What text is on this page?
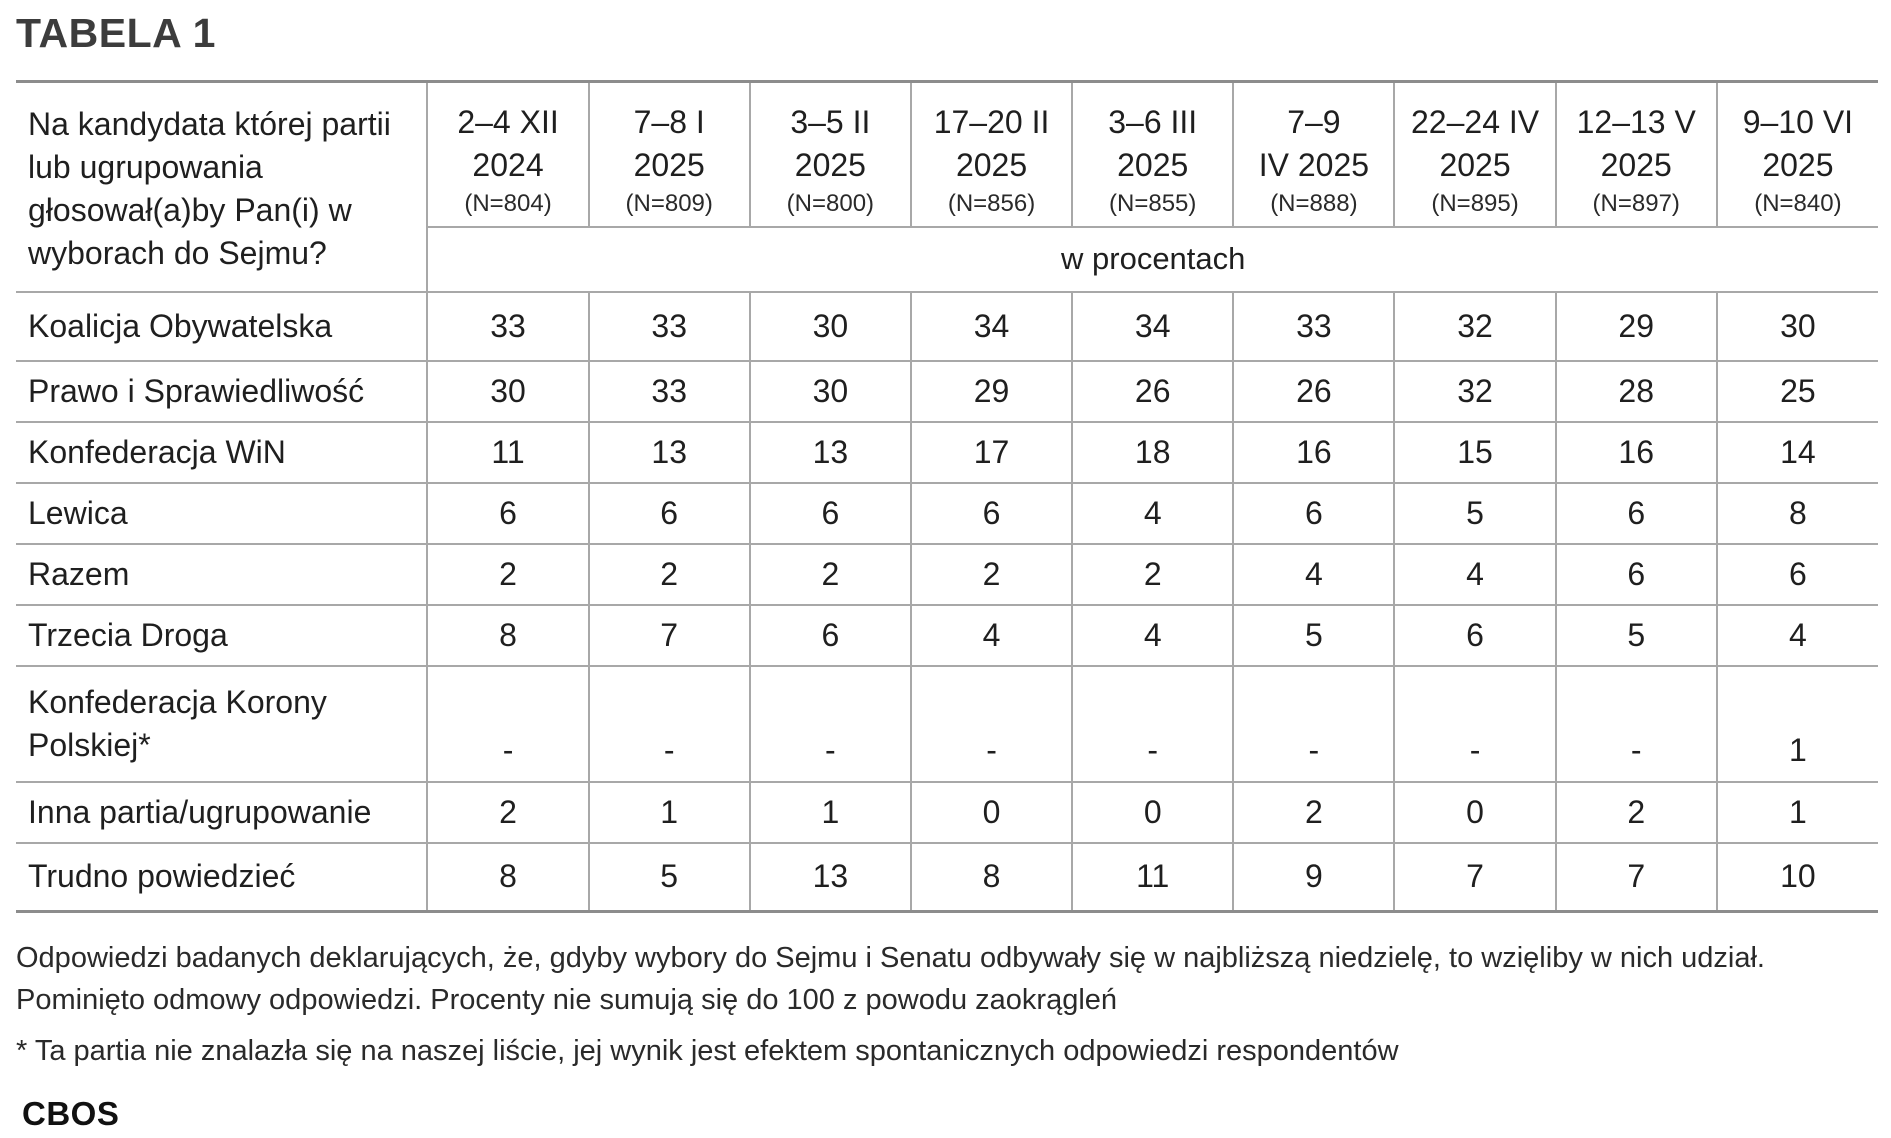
TABELA 1
Na kandydata której partii lub ugrupowania głosował(a)by Pan(i) w wyborach do Sejmu?	2–4 XII
2024
(N=804)	7–8 I
2025
(N=809)	3–5 II
2025
(N=800)	17–20 II
2025
(N=856)	3–6 III
2025
(N=855)	7–9
IV 2025
(N=888)	22–24 IV
2025
(N=895)	12–13 V
2025
(N=897)	9–10 VI
2025
(N=840)

	w procentach								
Koalicja Obywatelska	33	33	30	34	34	33	32	29	30
Prawo i Sprawiedliwość	30	33	30	29	26	26	32	28	25
Konfederacja WiN	11	13	13	17	18	16	15	16	14
Lewica	6	6	6	6	4	6	5	6	8
Razem	2	2	2	2	2	4	4	6	6
Trzecia Droga	8	7	6	4	4	5	6	5	4
Konfederacja Korony Polskiej*	-	-	-	-	-	-	-	-	1
Inna partia/ugrupowanie	2	1	1	0	0	2	0	2	1
Trudno powiedzieć	8	5	13	8	11	9	7	7	10
Odpowiedzi badanych deklarujących, że, gdyby wybory do Sejmu i Senatu odbywały się w najbliższą niedzielę, to wzięliby w nich udział. Pominięto odmowy odpowiedzi. Procenty nie sumują się do 100 z powodu zaokrągleń
* Ta partia nie znalazła się na naszej liście, jej wynik jest efektem spontanicznych odpowiedzi respondentów
CBOS
